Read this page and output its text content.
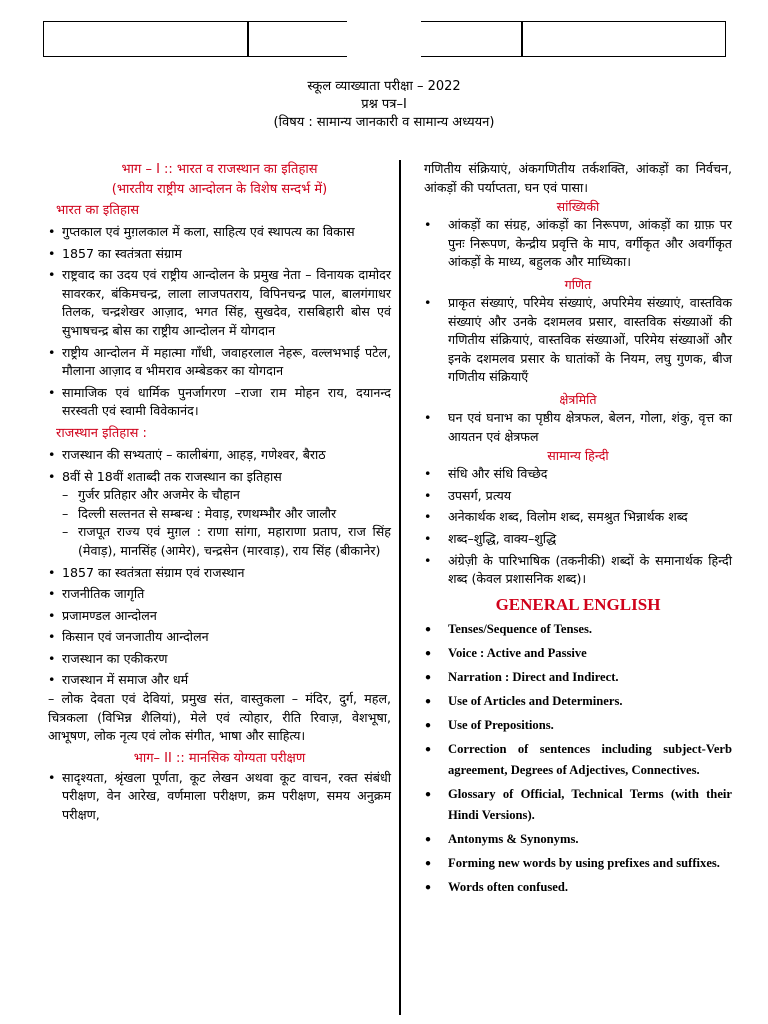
स्कूल व्याख्याता परीक्षा – 2022
प्रश्न पत्र–I
(विषय : सामान्य जानकारी व सामान्य अध्ययन)
भाग – I :: भारत व राजस्थान का इतिहास
(भारतीय राष्ट्रीय आन्दोलन के विशेष सन्दर्भ में)
भारत का इतिहास
• गुप्तकाल एवं मुग़लकाल में कला, साहित्य एवं स्थापत्य का विकास
• 1857 का स्वतंत्रता संग्राम
• राष्ट्रवाद का उदय एवं राष्ट्रीय आन्दोलन के प्रमुख नेता – विनायक दामोदर सावरकर, बंकिमचन्द्र, लाला लाजपतराय, विपिनचन्द्र पाल, बालगंगाधर तिलक, चन्द्रशेखर आज़ाद, भगत सिंह, सुखदेव, रासबिहारी बोस एवं सुभाषचन्द्र बोस का राष्ट्रीय आन्दोलन में योगदान
• राष्ट्रीय आन्दोलन में महात्मा गाँधी, जवाहरलाल नेहरू, वल्लभभाई पटेल, मौलाना आज़ाद व भीमराव अम्बेडकर का योगदान
• सामाजिक एवं धार्मिक पुनर्जागरण –राजा राम मोहन राय, दयानन्द सरस्वती एवं स्वामी विवेकानंद।
राजस्थान इतिहास :
• राजस्थान की सभ्यताएं – कालीबंगा, आहड़, गणेश्वर, बैराठ
• 8वीं से 18वीं शताब्दी तक राजस्थान का इतिहास
– गुर्जर प्रतिहार और अजमेर के चौहान
– दिल्ली सल्तनत से सम्बन्ध : मेवाड़, रणथम्भौर और जालौर
– राजपूत राज्य एवं मुग़ल : राणा सांगा, महाराणा प्रताप, राज सिंह (मेवाड़), मानसिंह (आमेर), चन्द्रसेन (मारवाड़), राय सिंह (बीकानेर)
• 1857 का स्वतंत्रता संग्राम एवं राजस्थान
• राजनीतिक जागृति
• प्रजामण्डल आन्दोलन
• किसान एवं जनजातीय आन्दोलन
• राजस्थान का एकीकरण
• राजस्थान में समाज और धर्म
– लोक देवता एवं देवियां, प्रमुख संत, वास्तुकला – मंदिर, दुर्ग, महल, चित्रकला (विभिन्न शैलियां), मेले एवं त्योहार, रीति रिवाज़, वेशभूषा, आभूषण, लोक नृत्य एवं लोक संगीत, भाषा और साहित्य।
भाग– II :: मानसिक योग्यता परीक्षण
• सादृश्यता, श्रृंखला पूर्णता, कूट लेखन अथवा कूट वाचन, रक्त संबंधी परीक्षण, वेन आरेख, वर्णमाला परीक्षण, क्रम परीक्षण, समय अनुक्रम परीक्षण,
गणितीय संक्रियाएं, अंकगणितीय तर्कशक्ति, आंकड़ों का निर्वचन, आंकड़ों की पर्याप्तता, घन एवं पासा।
सांख्यिकी
• आंकड़ों का संग्रह, आंकड़ों का निरूपण, आंकड़ों का ग्राफ़ पर पुनः निरूपण, केन्द्रीय प्रवृत्ति के माप, वर्गीकृत और अवर्गीकृत आंकड़ों के माध्य, बहुलक और माध्यिका।
गणित
• प्राकृत संख्याएं, परिमेय संख्याएं, अपरिमेय संख्याएं, वास्तविक संख्याएं और उनके दशमलव प्रसार, वास्तविक संख्याओं की गणितीय संक्रियाएं, वास्तविक संख्याओं, परिमेय संख्याओं और इनके दशमलव प्रसार के घातांकों के नियम, लघु गुणक, बीज गणितीय संक्रियाएँ
क्षेत्रमिति
• घन एवं घनाभ का पृष्ठीय क्षेत्रफल, बेलन, गोला, शंकु, वृत्त का आयतन एवं क्षेत्रफल
सामान्य हिन्दी
• संधि और संधि विच्छेद
• उपसर्ग, प्रत्यय
• अनेकार्थक शब्द, विलोम शब्द, समश्रुत भिन्नार्थक शब्द
• शब्द–शुद्धि, वाक्य–शुद्धि
• अंग्रेज़ी के पारिभाषिक (तकनीकी) शब्दों के समानार्थक हिन्दी शब्द (केवल प्रशासनिक शब्द)।
GENERAL ENGLISH
• Tenses/Sequence of Tenses.
• Voice : Active and Passive
• Narration : Direct and Indirect.
• Use of Articles and Determiners.
• Use of Prepositions.
• Correction of sentences including subject-Verb agreement, Degrees of Adjectives, Connectives.
• Glossary of Official, Technical Terms (with their Hindi Versions).
• Antonyms & Synonyms.
• Forming new words by using prefixes and suffixes.
• Words often confused.
